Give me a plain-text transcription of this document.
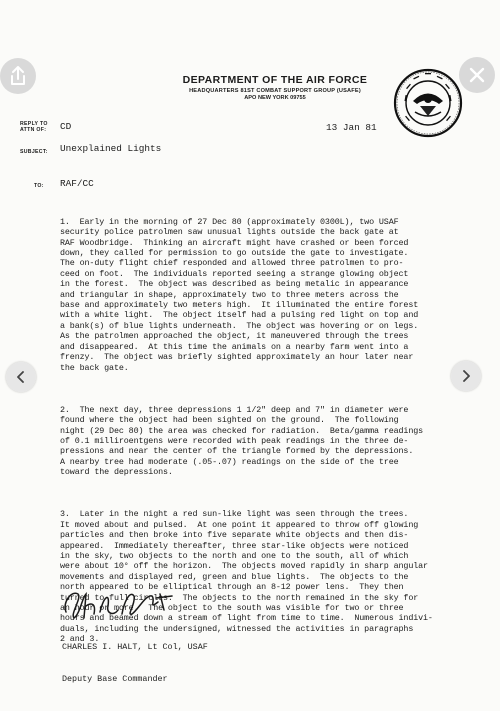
DEPARTMENT OF THE AIR FORCE
HEADQUARTERS 81ST COMBAT SUPPORT GROUP (USAFE)
APO NEW YORK 09755
REPLY TO
ATTN OF: CD	13 Jan 81
SUBJECT: Unexplained Lights
TO: RAF/CC

1.  Early in the morning of 27 Dec 80 (approximately 0300L), two USAF
security police patrolmen saw unusual lights outside the back gate at
RAF Woodbridge.  Thinking an aircraft might have crashed or been forced
down, they called for permission to go outside the gate to investigate.
The on-duty flight chief responded and allowed three patrolmen to pro-
ceed on foot.  The individuals reported seeing a strange glowing object
in the forest.  The object was described as being metalic in appearance
and triangular in shape, approximately two to three meters across the
base and approximately two meters high.  It illuminated the entire forest
with a white light.  The object itself had a pulsing red light on top and
a bank(s) of blue lights underneath.  The object was hovering or on legs.
As the patrolmen approached the object, it maneuvered through the trees
and disappeared.  At this time the animals on a nearby farm went into a
frenzy.  The object was briefly sighted approximately an hour later near
the back gate.

2.  The next day, three depressions 1 1/2" deep and 7" in diameter were
found where the object had been sighted on the ground.  The following
night (29 Dec 80) the area was checked for radiation.  Beta/gamma readings
of 0.1 milliroentgens were recorded with peak readings in the three de-
pressions and near the center of the triangle formed by the depressions.
A nearby tree had moderate (.05-.07) readings on the side of the tree
toward the depressions.

3.  Later in the night a red sun-like light was seen through the trees.
It moved about and pulsed.  At one point it appeared to throw off glowing
particles and then broke into five separate white objects and then dis-
appeared.  Immediately thereafter, three star-like objects were noticed
in the sky, two objects to the north and one to the south, all of which
were about 10° off the horizon.  The objects moved rapidly in sharp angular
movements and displayed red, green and blue lights.  The objects to the
north appeared to be elliptical through an 8-12 power lens.  They then
turned to full circles.  The objects to the north remained in the sky for
an hour or more.  The object to the south was visible for two or three
hours and beamed down a stream of light from time to time.  Numerous indivi-
duals, including the undersigned, witnessed the activities in paragraphs
2 and 3.

CHARLES I. HALT, Lt Col, USAF

Deputy Base Commander
